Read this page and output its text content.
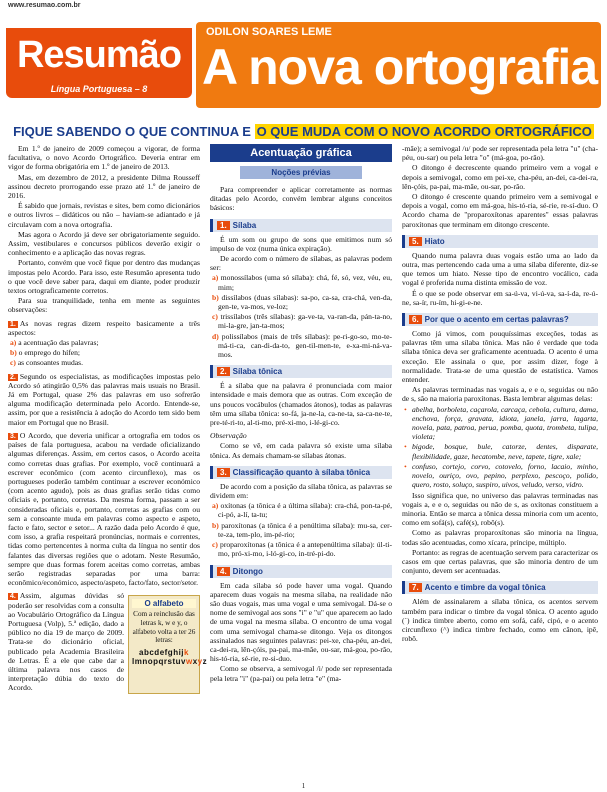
www.resumao.com.br
Resumão
Língua Portuguesa – 8
ODILON SOARES LEME
A nova ortografia
FIQUE SABENDO O QUE CONTINUA E O QUE MUDA COM O NOVO ACORDO ORTOGRÁFICO

Em 1.º de janeiro de 2009 começou a vigorar, de forma facultativa, o novo Acordo Ortográfico. Deveria entrar em vigor de forma obrigatória em 1.º de janeiro de 2013.

Mas, em dezembro de 2012, a presidente Dilma Rousseff assinou decreto prorrogando esse prazo até 1.º de janeiro de 2016.

É sabido que jornais, revistas e sites, bem como dicionários e outros livros – didáticos ou não – haviam-se adiantado e já circulavam com a nova ortografia.

Mas agora o Acordo já deve ser obrigatoriamente seguido. Assim, vestibulares e concursos públicos deverão exigir o conhecimento e a aplicação das novas regras.

Portanto, convém que você fique por dentro das mudanças impostas pelo Acordo. Para isso, este Resumão apresenta tudo o que você deve saber para, daqui em diante, poder produzir textos ortograficamente corretos.

Para sua tranquilidade, tenha em mente as seguintes observações:

1. As novas regras dizem respeito basicamente a três aspectos:

a) a acentuação das palavras;

b) o emprego do hífen;

c) as consoantes mudas.

2. Segundo os especialistas, as modificações impostas pelo Acordo só atingirão 0,5% das palavras mais usuais no Brasil. Já em Portugal, quase 2% das palavras em uso sofrerão alguma modificação determinada pelo Acordo. Entende-se, assim, por que a resistência à adoção do Acordo tem sido bem maior em Portugal que no Brasil.

3. O Acordo, que deveria unificar a ortografia em todos os países de fala portuguesa, acabou na verdade oficializando algumas diferenças. Assim, em certos casos, o Acordo aceita como corretas duas grafias. Por exemplo, você continuará a escrever econômico (com acento circunflexo), mas os portugueses poderão também continuar a escrever económico (com acento agudo), pois as duas grafias serão tidas como oficiais e, portanto, corretas. Da mesma forma, passam a ser consideradas oficiais e, portanto, corretas as grafias com ou sem a consoante muda em palavras como aspecto e aspeto, facto e fato, sector e setor... A razão dada pelo Acordo é que, com isso, a grafia respeitará pronúncias, normais e correntes, tidas como pertencentes à norma culta da língua no sentir dos falantes das diversas regiões que o adotam. Neste Resumão, sempre que duas formas forem aceitas como corretas, ambas serão registradas separadas por uma barra: econômico/económico, aspecto/aspeto, facto/fato, sector/setor.

4. Assim, algumas dúvidas só poderão ser resolvidas com a consulta ao Vocabulário Ortográfico da Língua Portuguesa (Volp), 5.ª edição, dado a público no dia 19 de março de 2009. Trata-se do dicionário oficial, publicado pela Academia Brasileira de Letras. É a ele que cabe dar a última palavra nos casos de interpretação dúbia do texto do Acordo.

O alfabeto
Com a reinclusão das letras k, w e y, o alfabeto volta a ter 26 letras:
abcdefghijk
lmnopqrstuvwxyz
Acentuação gráfica
Noções prévias

Para compreender e aplicar corretamente as normas ditadas pelo Acordo, convém lembrar alguns conceitos básicos:

1. Sílaba

É um som ou grupo de sons que emitimos num só impulso de voz (numa única expiração).

De acordo com o número de sílabas, as palavras podem ser:

a) monossílabos (uma só sílaba): chá, fé, só, vez, véu, eu, mim;

b) dissílabos (duas sílabas): sa-po, ca-sa, cra-chá, ven-da, gen-te, va-mos, ve-loz;

c) trissílabos (três sílabas): ga-ve-ta, va-ran-da, pán-ta-no, mi-la-gre, jan-ta-mos;

d) polissílabos (mais de três sílabas): pe-ri-go-so, mo-te-má-ti-ca, can-di-da-to, gen-til-men-te, e-xa-mi-ná-va-mos.

2. Sílaba tônica

É a sílaba que na palavra é pronunciada com maior intensidade e mais demora que as outras. Com exceção de uns poucos vocábulos (chamados átonos), todas as palavras têm uma sílaba tônica: so-fá, ja-ne-la, ca-ne-ta, sa-ca-ne-te, pre-té-ri-to, al-ti-mo, pré-xi-mo, i-lé-gi-co.

Observação

Como se vê, em cada palavra só existe uma sílaba tônica. As demais chamam-se sílabas átonas.

3. Classificação quanto à sílaba tônica

De acordo com a posição da sílaba tônica, as palavras se dividem em:

a) oxítonas (a tônica é a última sílaba): cra-chá, pon-ta-pé, ci-pó, a-lí, ta-tu;

b) paroxítonas (a tônica é a penúltima sílaba): mu-sa, cer-te-za, tem-plo, im-pé-rio;

c) proparoxítonas (a tônica é a antepenúltima sílaba): úl-ti-mo, pró-xi-mo, i-ló-gi-co, in-tré-pi-do.

4. Ditongo

Em cada sílaba só pode haver uma vogal. Quando aparecem duas vogais na mesma sílaba, na realidade não são duas vogais, mas uma vogal e uma semivogal. Dá-se o nome de semivogal aos sons "i" e "u" que aparecem ao lado de uma vogal na mesma sílaba. O encontro de uma vogal com uma semivogal chama-se ditongo. Veja os ditongos assinalados nas seguintes palavras: pei-xe, cha-péu, an-dei, ca-dei-ra, lên-çóis, pa-pai, ma-mãe, ou-sar, má-goa, po-rão, his-tó-ria, sé-rie, re-si-duo.

Como se observa, a semivogal /i/ pode ser representada pela letra "i" (pa-pai) ou pela letra "e" (ma-

-mãe); a semivogal /u/ pode ser representada pela letra "u" (cha-péu, ou-sar) ou pela letra "o" (má-goa, po-rão).

O ditongo é decrescente quando primeiro vem a vogal e depois a semivogal, como em pei-xe, cha-péu, an-dei, ca-dei-ra, lên-çóis, pa-pai, ma-mãe, ou-sar, po-rão.

O ditongo é crescente quando primeiro vem a semivogal e depois a vogal, como em má-goa, his-tó-ria, sé-rie, re-sí-duo. O Acordo chama de "proparoxítonas aparentes" essas palavras paroxítonas que terminam em ditongo crescente.

5. Hiato

Quando numa palavra duas vogais estão uma ao lado da outra, mas pertencendo cada uma a uma sílaba diferente, diz-se que temos um hiato. Nesse tipo de encontro vocálico, cada vogal é proferida numa distinta emissão de voz.

É o que se pode observar em sa-ú-va, vi-ú-va, sa-í-da, re-ú-ne, sa-ír, ru-ím, hi-gi-e-ne.

6. Por que o acento em certas palavras?

Como já vimos, com pouquíssimas exceções, todas as palavras têm uma sílaba tônica. Mas não é verdade que toda sílaba tônica deva ser graficamente acentuada. O acento é uma exceção. Ele assinala o que, por assim dizer, foge à normalidade. Trata-se de uma questão de estatística. Vamos entender.

As palavras terminadas nas vogais a, e e o, seguidas ou não de s, são na maioria paroxítonas. Basta lembrar algumas delas:

• abelha, borboleta, caçarola, carcaça, cebola, cultura, dama, enchova, força, gravata, idiota, janela, jarra, lagarta, novela, pata, patroa, perua, pomba, quota, trombeta, tulipa, violeta;

• bigode, bosque, bule, catorze, dentes, disparate, flexibilidade, gaze, hecatombe, neve, tapete, tigre, xale;

• confuso, cortejo, corvo, cotovelo, forno, lacaio, minho, novelo, ouriço, ovo, pepino, perplexo, pescoço, polido, quero, rosto, soluço, suspiro, uivos, veludo, verso, vidro.

Isso significa que, no universo das palavras terminadas nas vogais a, e e o, seguidas ou não de s, as oxítonas constituem a minoria. Então se marca a tônica dessa minoria com um acento, como em sofá(s), café(s), robô(s).

Como as palavras proparoxítonas são minoria na língua, todas são acentuadas, como xícara, príncipe, múltiplo.

Portanto: as regras de acentuação servem para caracterizar os casos em que certas palavras, que são minoria dentro de um conjunto, devem ser acentuadas.

7. Acento e timbre da vogal tônica

Além de assinalarem a sílaba tônica, os acentos servem também para indicar o timbre da vogal tônica. O acento agudo (´) indica timbre aberto, como em sofá, café, cipó, e o acento circunflexo (^) indica timbre fechado, como em cânon, ipê, robô.

1
